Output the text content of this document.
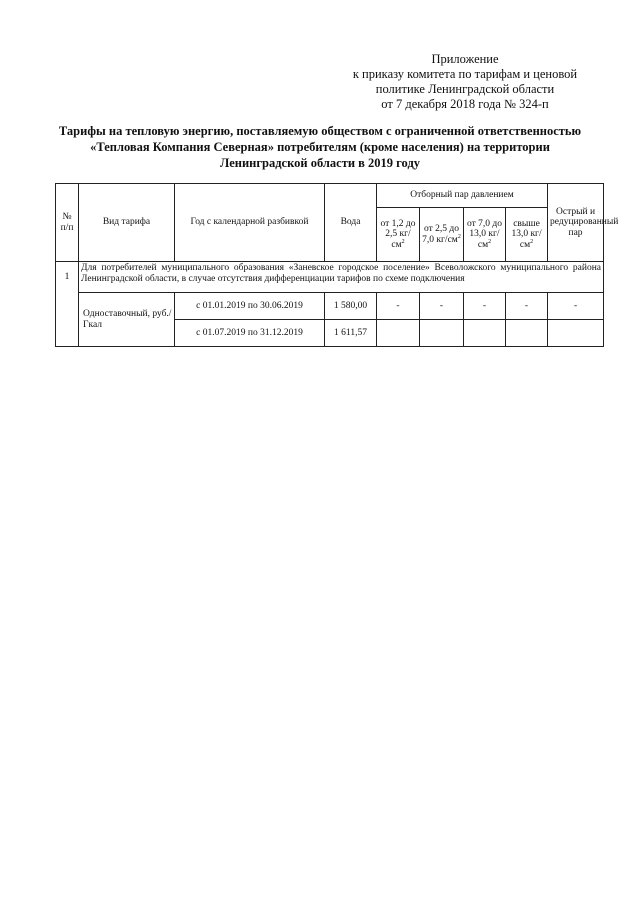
Приложение
к приказу комитета по тарифам и ценовой
политике Ленинградской области
от 7 декабря 2018 года № 324-п
Тарифы на тепловую энергию, поставляемую обществом с ограниченной ответственностью
«Тепловая Компания Северная» потребителям (кроме населения) на территории
Ленинградской области в 2019 году
№ п/п	Вид тарифа	Год с календарной разбивкой	Вода	Отборный пар давлением				Острый и редуцированный пар
				от 1,2 до 2,5 $кг/см^2$	от 2,5 до 7,0 $кг/см^2$	от 7,0 до 13,0 $кг/см^2$	свыше 13,0 $кг/см^2$
1	Для потребителей муниципального образования «Заневское городское поселение» Всеволожского муниципального района Ленинградской области, в случае отсутствия дифференциации тарифов по схеме подключения							
	Одноставочный, руб./Гкал	с 01.01.2019 по 30.06.2019	1 580,00	-	-	-	-	-
		с 01.07.2019 по 31.12.2019	1 611,57					
